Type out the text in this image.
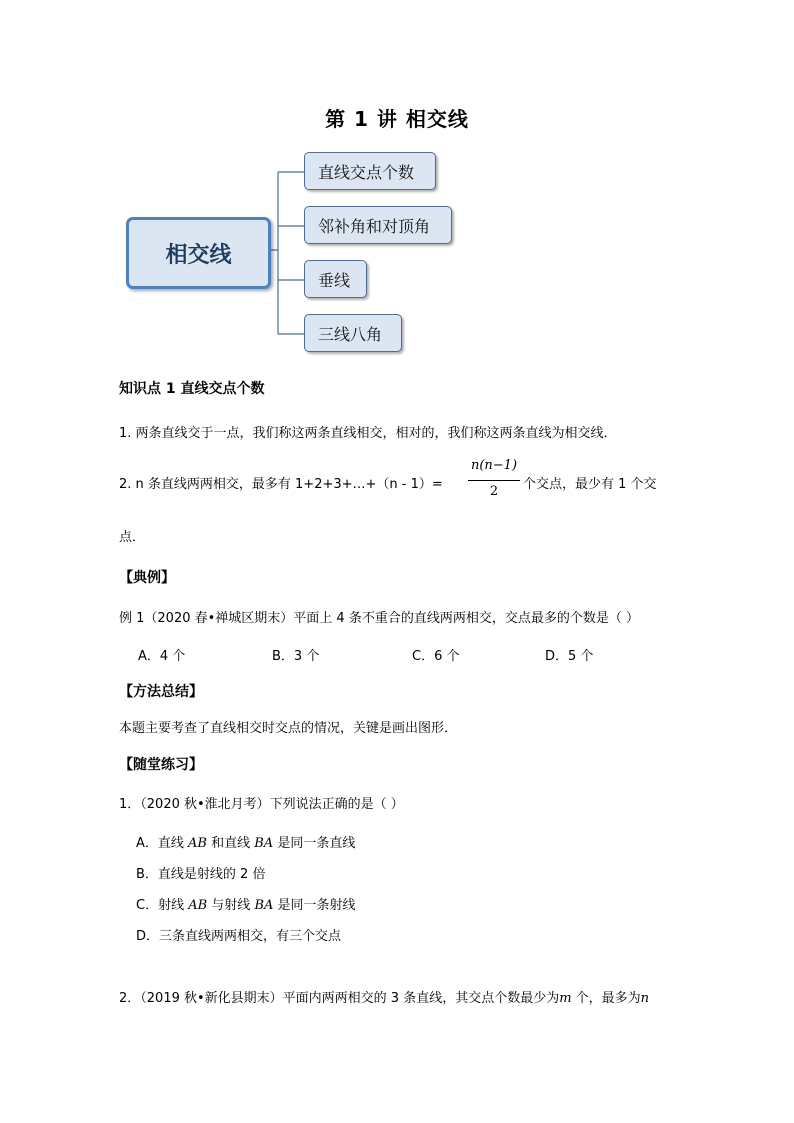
第 1 讲 相交线
相交线
直线交点个数
邻补角和对顶角
垂线
三线八角
知识点 1 直线交点个数
1. 两条直线交于一点，我们称这两条直线相交，相对的，我们称这两条直线为相交线．
2. n 条直线两两相交，最多有 1+2+3+…+（n - 1）=
n(n−1)
2	个交点，最少有 1 个交
点．
【典例】
例 1（2020 春•禅城区期末）平面上 4 条不重合的直线两两相交，交点最多的个数是（ ）
A．4 个	B．3 个	C．6 个	D．5 个
【方法总结】
本题主要考查了直线相交时交点的情况，关键是画出图形．
【随堂练习】
1．（2020 秋•淮北月考）下列说法正确的是（ ）
A．直线 AB 和直线 BA 是同一条直线
B．直线是射线的 2 倍
C．射线 AB 与射线 BA 是同一条射线
D．三条直线两两相交，有三个交点
2．（2019 秋•新化县期末）平面内两两相交的 3 条直线，其交点个数最少为m 个，最多为n
